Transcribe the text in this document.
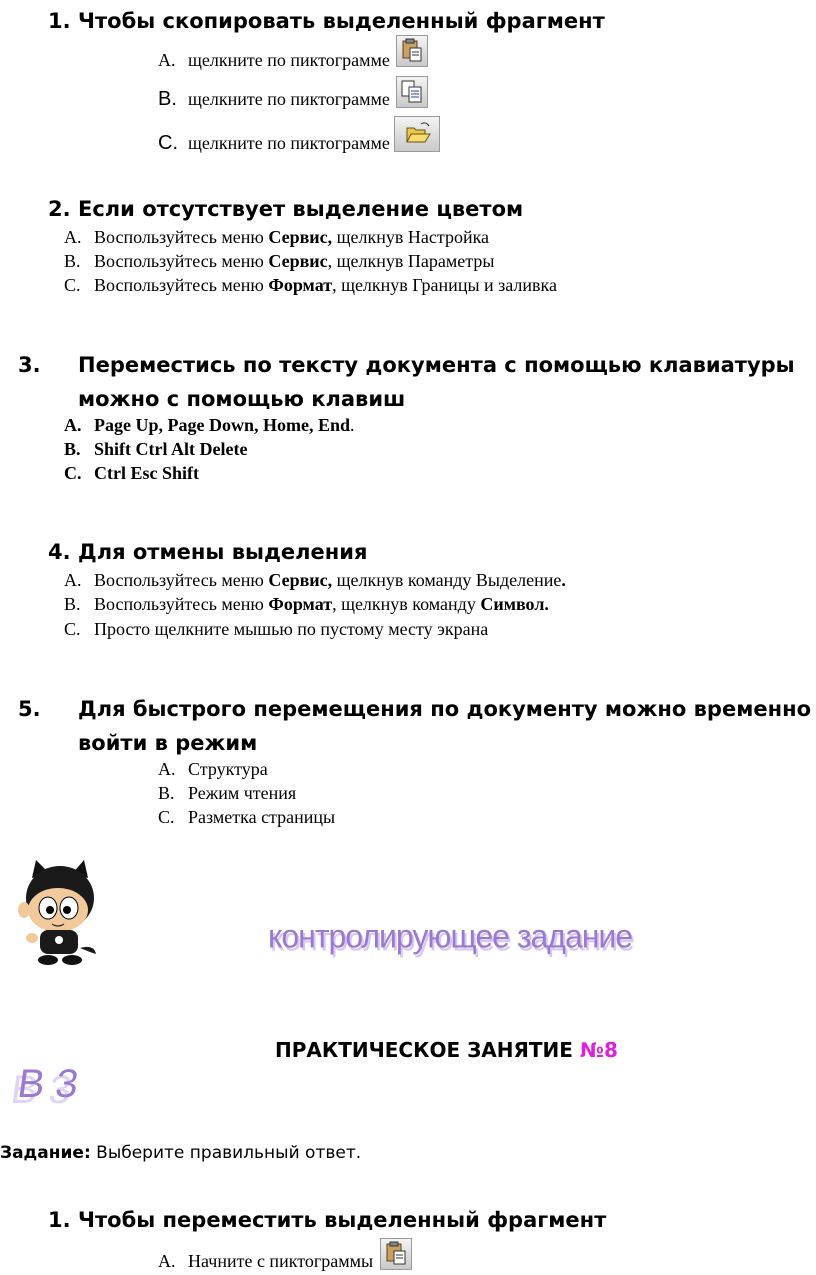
1. Чтобы скопировать выделенный фрагмент
A. щелкните по пиктограмме
B. щелкните по пиктограмме
C. щелкните по пиктограмме
2. Если отсутствует выделение цветом
A. Воспользуйтесь меню Сервис, щелкнув Настройка
B. Воспользуйтесь меню Сервис, щелкнув Параметры
C. Воспользуйтесь меню Формат, щелкнув Границы и заливка
3. Переместись по тексту документа с помощью клавиатуры можно с помощью клавиш
A. Page Up, Page Down, Home, End.
B. Shift Ctrl Alt Delete
C. Ctrl Esc Shift
4. Для отмены выделения
A. Воспользуйтесь меню Сервис, щелкнув команду Выделение.
B. Воспользуйтесь меню Формат, щелкнув команду Символ.
C. Просто щелкните мышью по пустому месту экрана
5. Для быстрого перемещения по документу можно временно войти в режим
A. Структура
B. Режим чтения
C. Разметка страницы
контролирующее задание
ПРАКТИЧЕСКОЕ ЗАНЯТИЕ №8
В 3
Задание: Выберите правильный ответ.
1. Чтобы переместить выделенный фрагмент
A. Начните с пиктограммы
